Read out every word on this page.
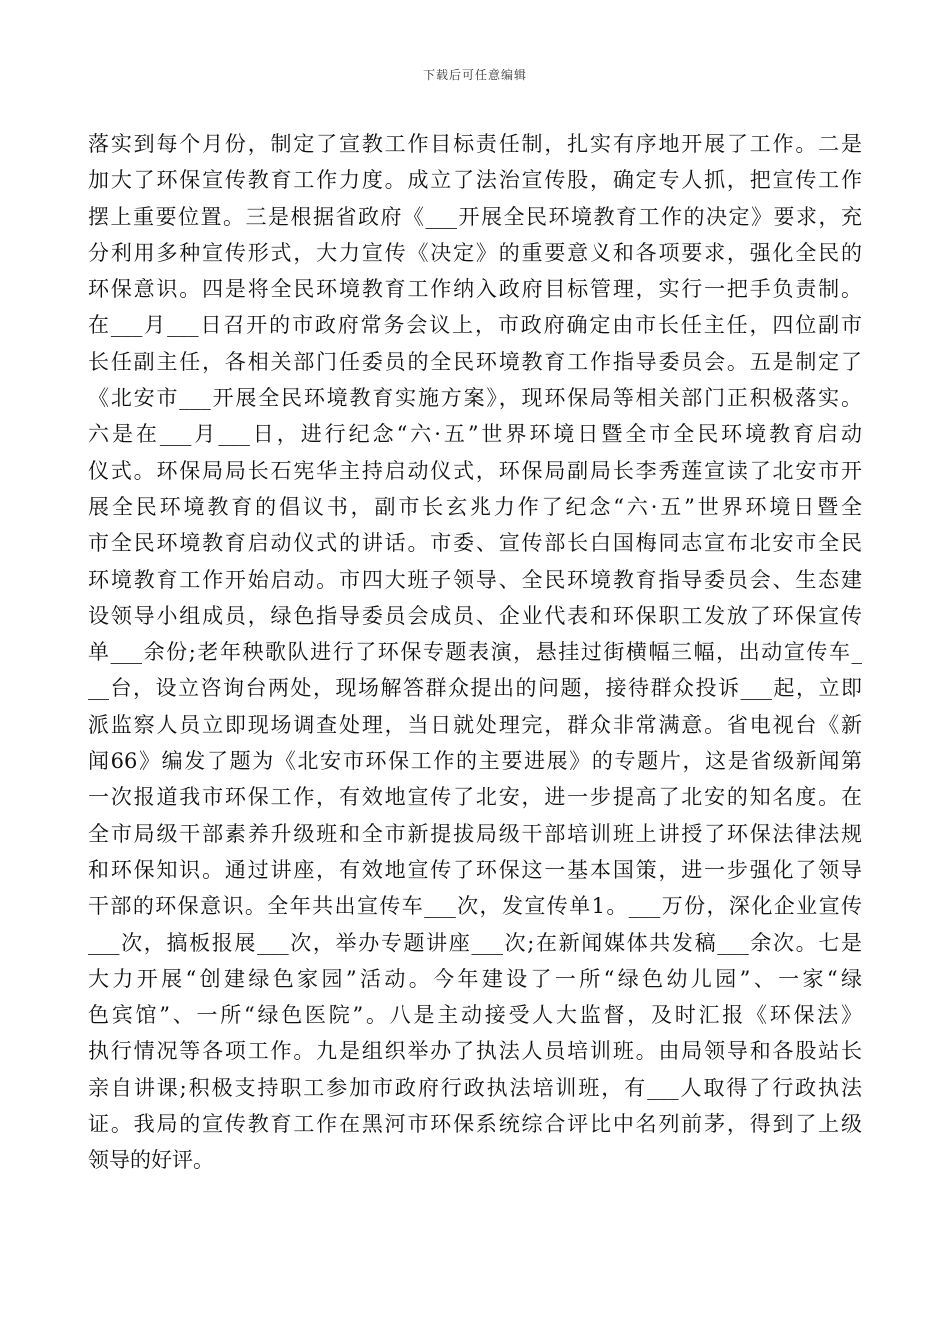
下载后可任意编辑
落实到每个月份，制定了宣教工作目标责任制，扎实有序地开展了工作。二是
加大了环保宣传教育工作力度。成立了法治宣传股，确定专人抓，把宣传工作
摆上重要位置。三是根据省政府《___开展全民环境教育工作的决定》要求，充
分利用多种宣传形式，大力宣传《决定》的重要意义和各项要求，强化全民的
环保意识。四是将全民环境教育工作纳入政府目标管理，实行一把手负责制。
在___月___日召开的市政府常务会议上，市政府确定由市长任主任，四位副市
长任副主任，各相关部门任委员的全民环境教育工作指导委员会。五是制定了
《北安市___开展全民环境教育实施方案》，现环保局等相关部门正积极落实。
六是在___月___日，进行纪念“六·五”世界环境日暨全市全民环境教育启动
仪式。环保局局长石宪华主持启动仪式，环保局副局长李秀莲宣读了北安市开
展全民环境教育的倡议书，副市长玄兆力作了纪念“六·五”世界环境日暨全
市全民环境教育启动仪式的讲话。市委、宣传部长白国梅同志宣布北安市全民
环境教育工作开始启动。市四大班子领导、全民环境教育指导委员会、生态建
设领导小组成员，绿色指导委员会成员、企业代表和环保职工发放了环保宣传
单___余份;老年秧歌队进行了环保专题表演，悬挂过街横幅三幅，出动宣传车_
__台，设立咨询台两处，现场解答群众提出的问题，接待群众投诉___起，立即
派监察人员立即现场调查处理，当日就处理完，群众非常满意。省电视台《新
闻66》编发了题为《北安市环保工作的主要进展》的专题片，这是省级新闻第
一次报道我市环保工作，有效地宣传了北安，进一步提高了北安的知名度。在
全市局级干部素养升级班和全市新提拔局级干部培训班上讲授了环保法律法规
和环保知识。通过讲座，有效地宣传了环保这一基本国策，进一步强化了领导
干部的环保意识。全年共出宣传车___次，发宣传单1。___万份，深化企业宣传
___次，搞板报展___次，举办专题讲座___次;在新闻媒体共发稿___余次。七是
大力开展“创建绿色家园”活动。今年建设了一所“绿色幼儿园”、一家“绿
色宾馆”、一所“绿色医院”。八是主动接受人大监督，及时汇报《环保法》
执行情况等各项工作。九是组织举办了执法人员培训班。由局领导和各股站长
亲自讲课;积极支持职工参加市政府行政执法培训班，有___人取得了行政执法
证。我局的宣传教育工作在黑河市环保系统综合评比中名列前茅，得到了上级
领导的好评。
